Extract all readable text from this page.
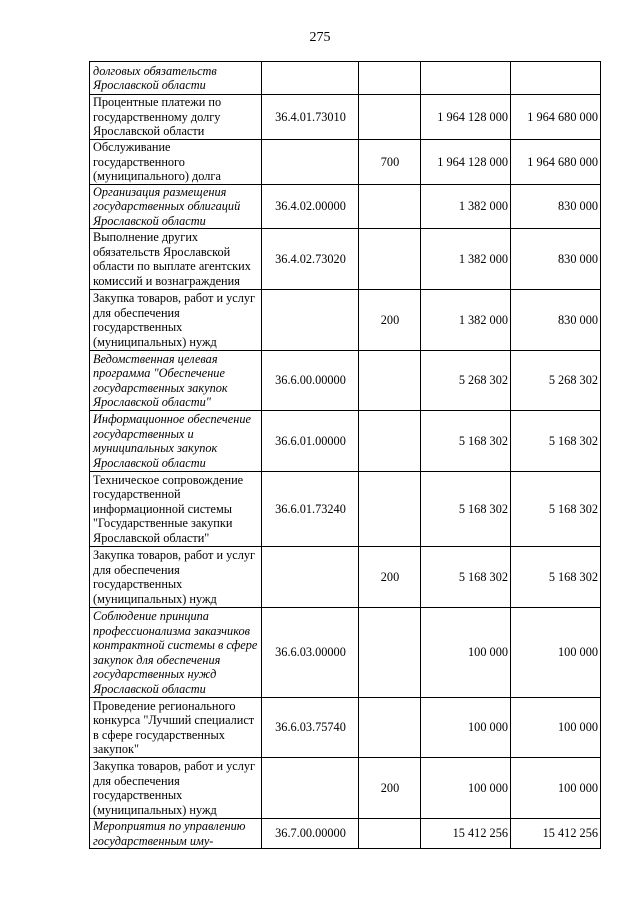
275
долговых обязательств Ярославской области				
Процентные платежи по государственному долгу Ярославской области	36.4.01.73010		1 964 128 000	1 964 680 000
Обслуживание государственного (муниципального) долга		700	1 964 128 000	1 964 680 000
Организация размещения государственных облигаций Ярославской области	36.4.02.00000		1 382 000	830 000
Выполнение других обязательств Ярославской области по выплате агентских комиссий и вознаграждения	36.4.02.73020		1 382 000	830 000
Закупка товаров, работ и услуг для обеспечения государственных (муниципальных) нужд		200	1 382 000	830 000
Ведомственная целевая программа "Обеспечение государственных закупок Ярославской области"	36.6.00.00000		5 268 302	5 268 302
Информационное обеспечение государственных и муниципальных закупок Ярославской области	36.6.01.00000		5 168 302	5 168 302
Техническое сопровождение государственной информационной системы "Государственные закупки Ярославской области"	36.6.01.73240		5 168 302	5 168 302
Закупка товаров, работ и услуг для обеспечения государственных (муниципальных) нужд		200	5 168 302	5 168 302
Соблюдение принципа профессионализма заказчиков контрактной системы в сфере закупок для обеспечения государственных нужд Ярославской области	36.6.03.00000		100 000	100 000
Проведение регионального конкурса "Лучший специалист в сфере государственных закупок"	36.6.03.75740		100 000	100 000
Закупка товаров, работ и услуг для обеспечения государственных (муниципальных) нужд		200	100 000	100 000
Мероприятия по управлению государственным иму-	36.7.00.00000		15 412 256	15 412 256
